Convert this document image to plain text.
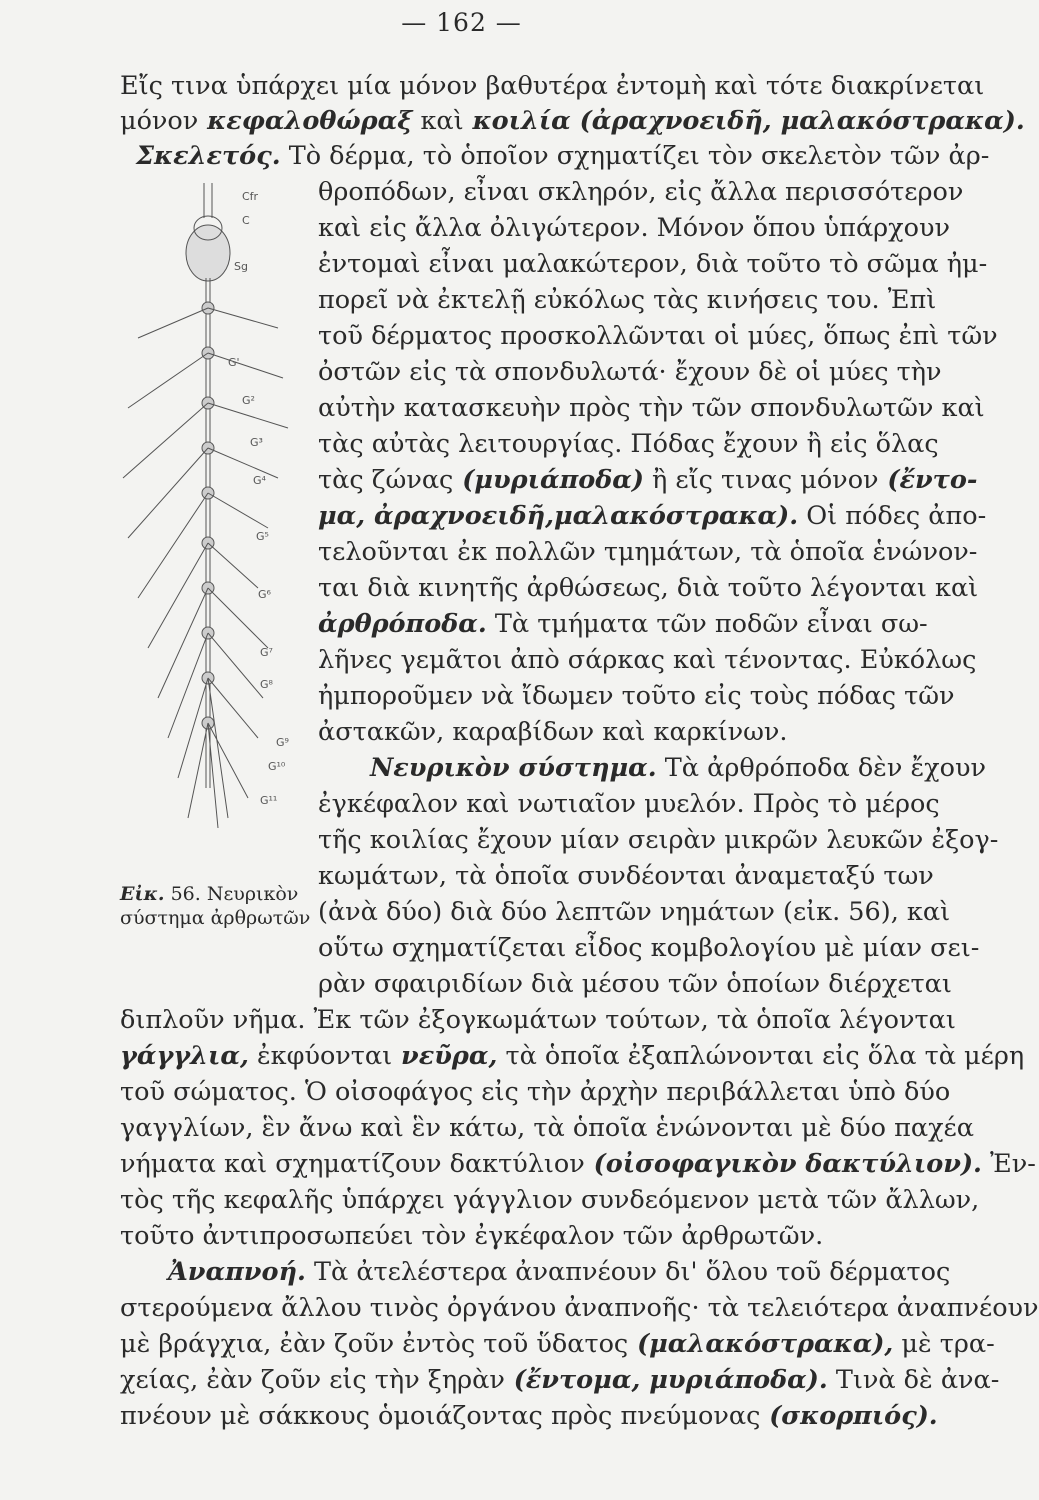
— 162 —
Εἴς τινα ὑπάρχει μία μόνον βαθυτέρα ἐντομὴ καὶ τότε διακρίνεται
μόνον κεφαλοθώραξ καὶ κοιλία (ἀραχνοειδῆ, μαλακόστρακα).
Σκελετός. Τὸ δέρμα, τὸ ὁποῖον σχηματίζει τὸν σκελετὸν τῶν ἀρ-
θροπόδων, εἶναι σκληρόν, εἰς ἄλλα περισσότερον
καὶ εἰς ἄλλα ὀλιγώτερον. Μόνον ὅπου ὑπάρχουν
ἐντομαὶ εἶναι μαλακώτερον, διὰ τοῦτο τὸ σῶμα ἠμ-
πορεῖ νὰ ἐκτελῇ εὐκόλως τὰς κινήσεις του. Ἐπὶ
τοῦ δέρματος προσκολλῶνται οἱ μύες, ὅπως ἐπὶ τῶν
ὀστῶν εἰς τὰ σπονδυλωτά· ἔχουν δὲ οἱ μύες τὴν
αὐτὴν κατασκευὴν πρὸς τὴν τῶν σπονδυλωτῶν καὶ
τὰς αὐτὰς λειτουργίας. Πόδας ἔχουν ἢ εἰς ὅλας
τὰς ζώνας (μυριάποδα) ἢ εἴς τινας μόνον (ἔντο-
μα, ἀραχνοειδῆ,μαλακόστρακα). Οἱ πόδες ἀπο-
τελοῦνται ἐκ πολλῶν τμημάτων, τὰ ὁποῖα ἑνώνον-
ται διὰ κινητῆς ἀρθώσεως, διὰ τοῦτο λέγονται καὶ
ἀρθρόποδα. Τὰ τμήματα τῶν ποδῶν εἶναι σω-
λῆνες γεμᾶτοι ἀπὸ σάρκας καὶ τένοντας. Εὐκόλως
ἠμποροῦμεν νὰ ἴδωμεν τοῦτο εἰς τοὺς πόδας τῶν
ἀστακῶν, καραβίδων καὶ καρκίνων.
Νευρικὸν σύστημα. Τὰ ἀρθρόποδα δὲν ἔχουν
ἐγκέφαλον καὶ νωτιαῖον μυελόν. Πρὸς τὸ μέρος
τῆς κοιλίας ἔχουν μίαν σειρὰν μικρῶν λευκῶν ἐξογ-
κωμάτων, τὰ ὁποῖα συνδέονται ἀναμεταξύ των
(ἀνὰ δύο) διὰ δύο λεπτῶν νημάτων (εἰκ. 56), καὶ
οὕτω σχηματίζεται εἶδος κομβολογίου μὲ μίαν σει-
ρὰν σφαιριδίων διὰ μέσου τῶν ὁποίων διέρχεται
διπλοῦν νῆμα. Ἐκ τῶν ἐξογκωμάτων τούτων, τὰ ὁποῖα λέγονται
γάγγλια, ἐκφύονται νεῦρα, τὰ ὁποῖα ἐξαπλώνονται εἰς ὅλα τὰ μέρη
τοῦ σώματος. Ὁ οἰσοφάγος εἰς τὴν ἀρχὴν περιβάλλεται ὑπὸ δύο
γαγγλίων, ἓν ἄνω καὶ ἓν κάτω, τὰ ὁποῖα ἑνώνονται μὲ δύο παχέα
νήματα καὶ σχηματίζουν δακτύλιον (οἰσοφαγικὸν δακτύλιον). Ἐν-
τὸς τῆς κεφαλῆς ὑπάρχει γάγγλιον συνδεόμενον μετὰ τῶν ἄλλων,
τοῦτο ἀντιπροσωπεύει τὸν ἐγκέφαλον τῶν ἀρθρωτῶν.
Ἀναπνοή. Τὰ ἀτελέστερα ἀναπνέουν δι' ὅλου τοῦ δέρματος
στερούμενα ἄλλου τινὸς ὀργάνου ἀναπνοῆς· τὰ τελειότερα ἀναπνέουν
μὲ βράγχια, ἐὰν ζοῦν ἐντὸς τοῦ ὕδατος (μαλακόστρακα), μὲ τρα-
χείας, ἐὰν ζοῦν εἰς τὴν ξηρὰν (ἔντομα, μυριάποδα). Τινὰ δὲ ἀνα-
πνέουν μὲ σάκκους ὁμοιάζοντας πρὸς πνεύμονας (σκορπιός).
Cfr
C
Sg
G'
G²
G³
G⁴
G⁵
G⁶
G⁷
G⁸
G⁹
G¹⁰
G¹¹
Εἰκ. 56. Νευρικὸν
σύστημα ἀρθρωτῶν
